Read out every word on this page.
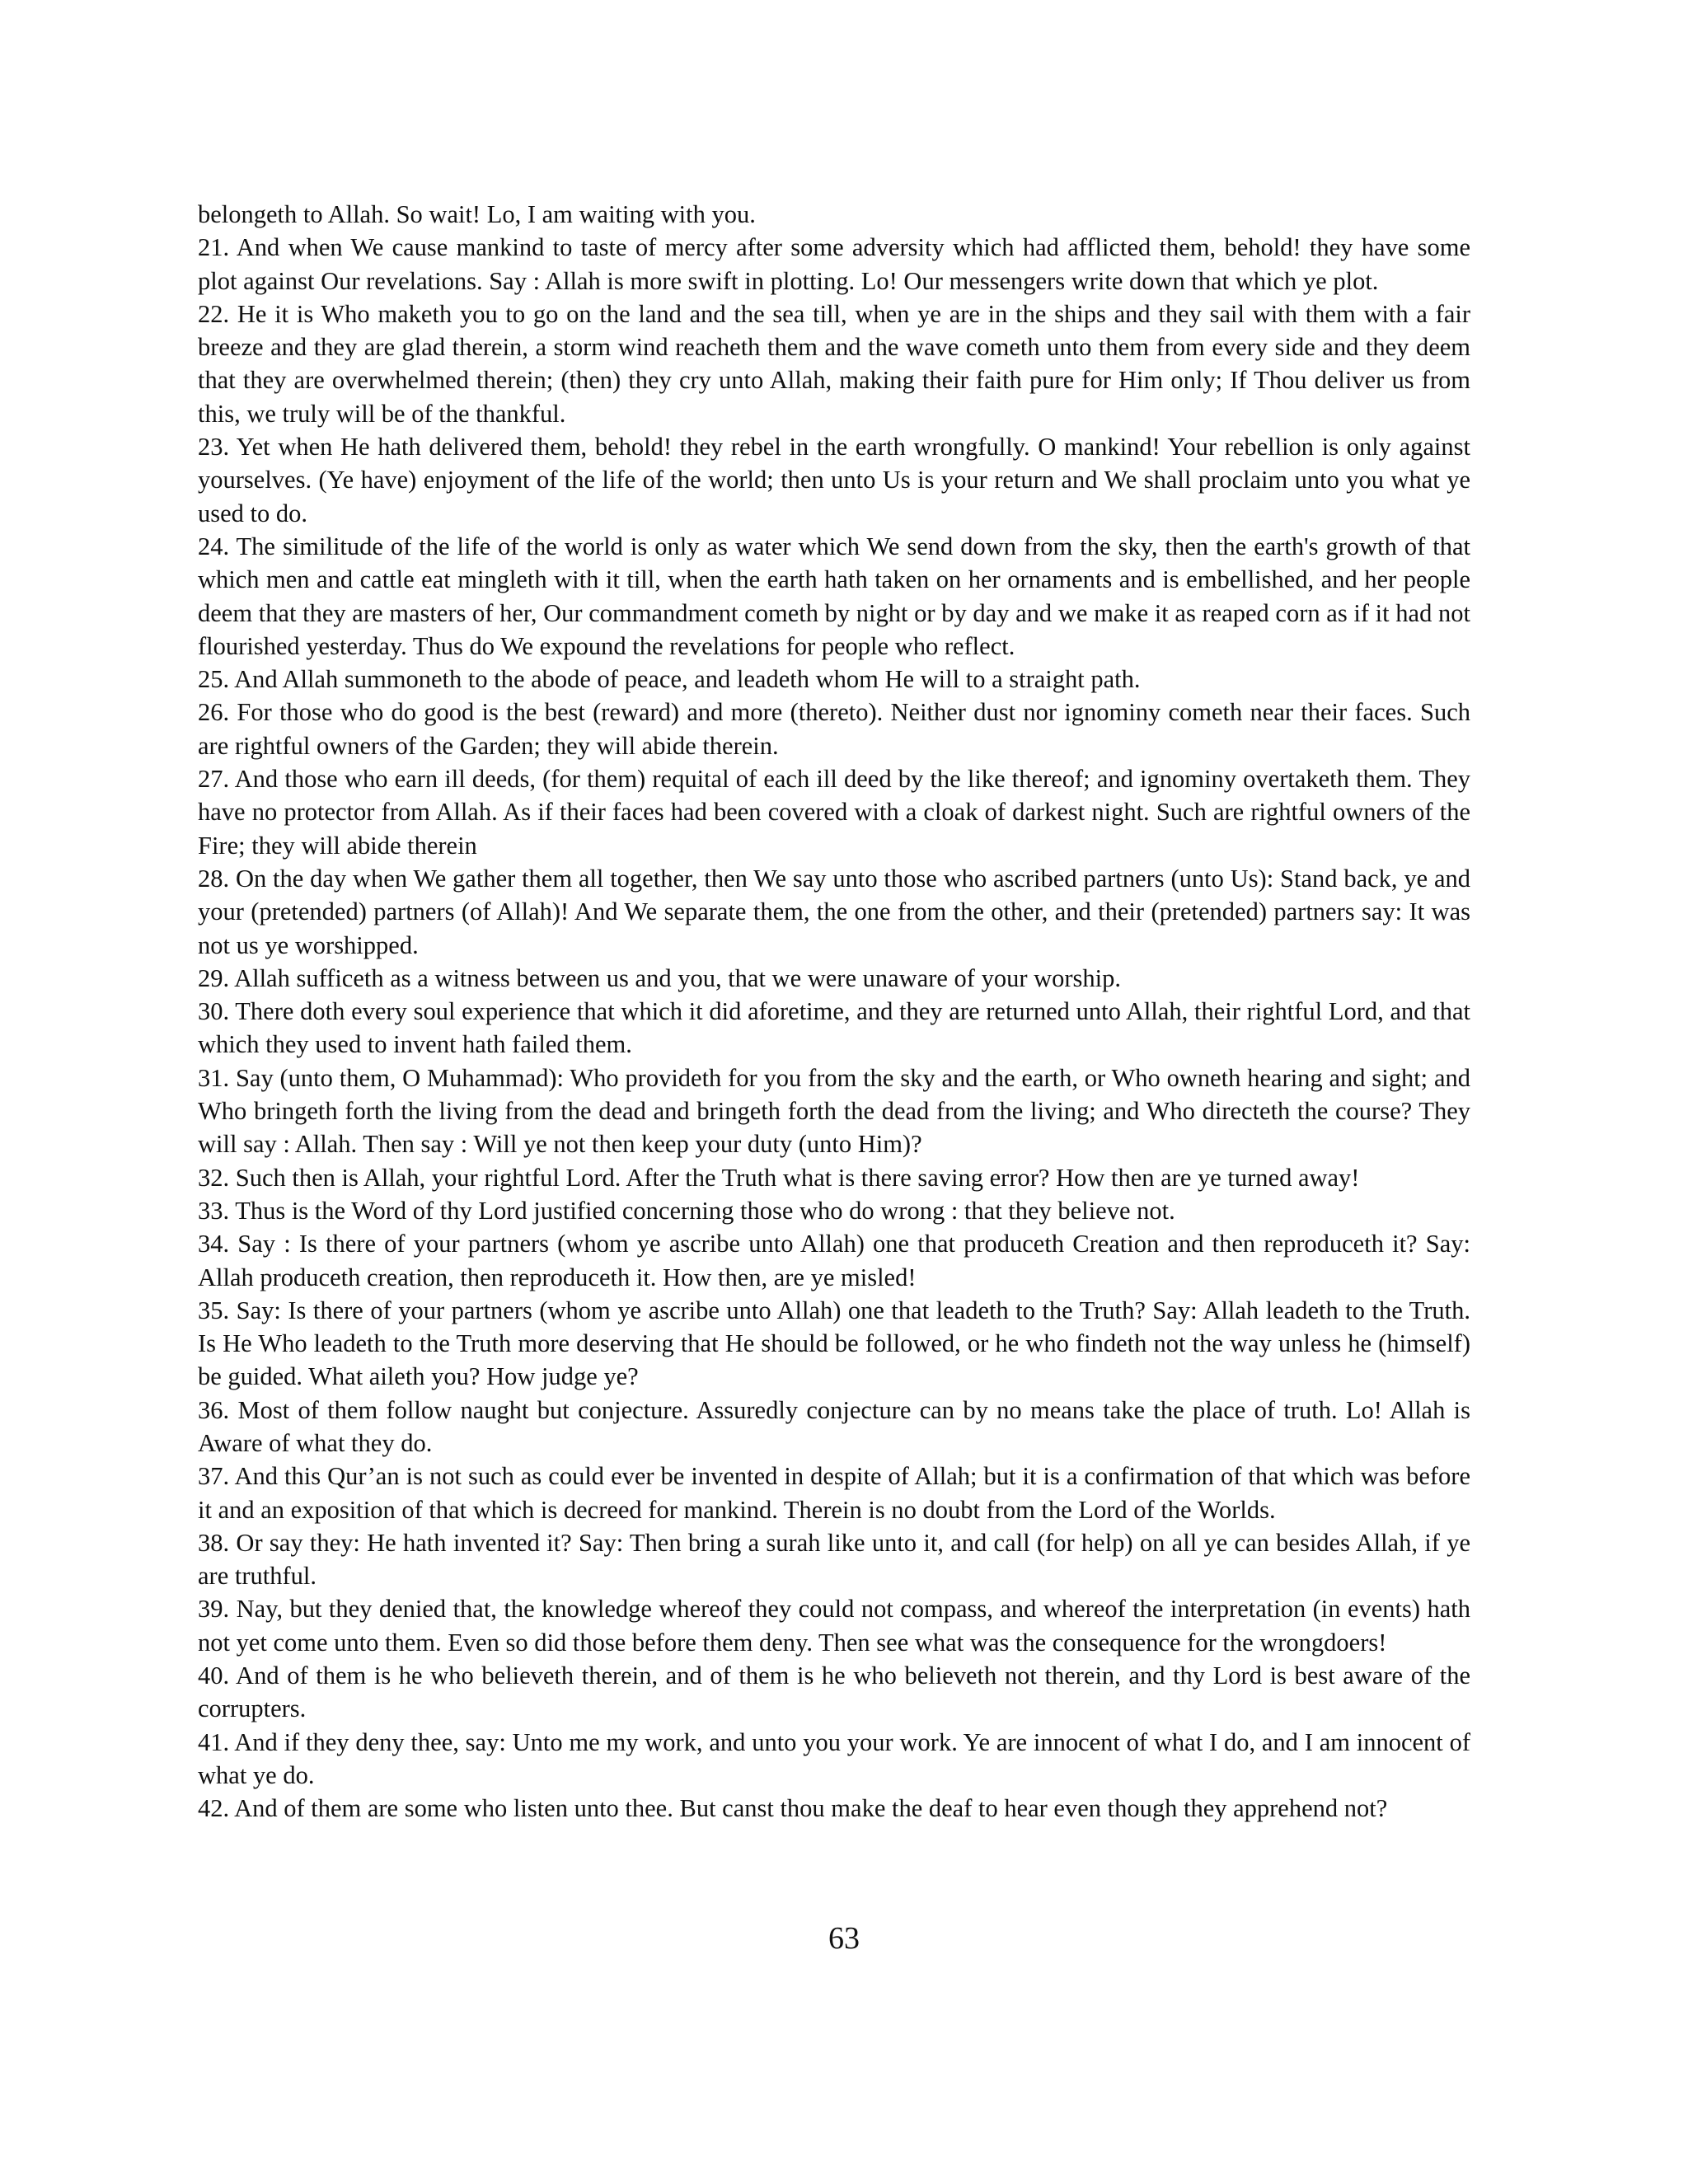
belongeth to Allah. So wait! Lo, I am waiting with you.

21. And when We cause mankind to taste of mercy after some adversity which had afflicted them, behold! they have some plot against Our revelations. Say : Allah is more swift in plotting. Lo! Our messengers write down that which ye plot.

22. He it is Who maketh you to go on the land and the sea till, when ye are in the ships and they sail with them with a fair breeze and they are glad therein, a storm wind reacheth them and the wave cometh unto them from every side and they deem that they are overwhelmed therein; (then) they cry unto Allah, making their faith pure for Him only; If Thou deliver us from this, we truly will be of the thankful.

23. Yet when He hath delivered them, behold! they rebel in the earth wrongfully. O mankind! Your rebellion is only against yourselves. (Ye have) enjoyment of the life of the world; then unto Us is your return and We shall proclaim unto you what ye used to do.

24. The similitude of the life of the world is only as water which We send down from the sky, then the earth's growth of that which men and cattle eat mingleth with it till, when the earth hath taken on her ornaments and is embellished, and her people deem that they are masters of her, Our commandment cometh by night or by day and we make it as reaped corn as if it had not flourished yesterday. Thus do We expound the revelations for people who reflect.

25. And Allah summoneth to the abode of peace, and leadeth whom He will to a straight path.

26. For those who do good is the best (reward) and more (thereto). Neither dust nor ignominy cometh near their faces. Such are rightful owners of the Garden; they will abide therein.

27. And those who earn ill deeds, (for them) requital of each ill deed by the like thereof; and ignominy overtaketh them. They have no protector from Allah. As if their faces had been covered with a cloak of darkest night. Such are rightful owners of the Fire; they will abide therein

28. On the day when We gather them all together, then We say unto those who ascribed partners (unto Us): Stand back, ye and your (pretended) partners (of Allah)! And We separate them, the one from the other, and their (pretended) partners say: It was not us ye worshipped.

29. Allah sufficeth as a witness between us and you, that we were unaware of your worship.

30. There doth every soul experience that which it did aforetime, and they are returned unto Allah, their rightful Lord, and that which they used to invent hath failed them.

31. Say (unto them, O Muhammad): Who provideth for you from the sky and the earth, or Who owneth hearing and sight; and Who bringeth forth the living from the dead and bringeth forth the dead from the living; and Who directeth the course? They will say : Allah. Then say : Will ye not then keep your duty (unto Him)?

32. Such then is Allah, your rightful Lord. After the Truth what is there saving error? How then are ye turned away!

33. Thus is the Word of thy Lord justified concerning those who do wrong : that they believe not.

34. Say : Is there of your partners (whom ye ascribe unto Allah) one that produceth Creation and then reproduceth it? Say: Allah produceth creation, then reproduceth it. How then, are ye misled!

35. Say: Is there of your partners (whom ye ascribe unto Allah) one that leadeth to the Truth? Say: Allah leadeth to the Truth. Is He Who leadeth to the Truth more deserving that He should be followed, or he who findeth not the way unless he (himself) be guided. What aileth you? How judge ye?

36. Most of them follow naught but conjecture. Assuredly conjecture can by no means take the place of truth. Lo! Allah is Aware of what they do.

37. And this Qur’an is not such as could ever be invented in despite of Allah; but it is a confirmation of that which was before it and an exposition of that which is decreed for mankind. Therein is no doubt from the Lord of the Worlds.

38. Or say they: He hath invented it? Say: Then bring a surah like unto it, and call (for help) on all ye can besides Allah, if ye are truthful.

39. Nay, but they denied that, the knowledge whereof they could not compass, and whereof the interpretation (in events) hath not yet come unto them. Even so did those before them deny. Then see what was the consequence for the wrongdoers!

40. And of them is he who believeth therein, and of them is he who believeth not therein, and thy Lord is best aware of the corrupters.

41. And if they deny thee, say: Unto me my work, and unto you your work. Ye are innocent of what I do, and I am innocent of what ye do.

42. And of them are some who listen unto thee. But canst thou make the deaf to hear even though they apprehend not?

63
